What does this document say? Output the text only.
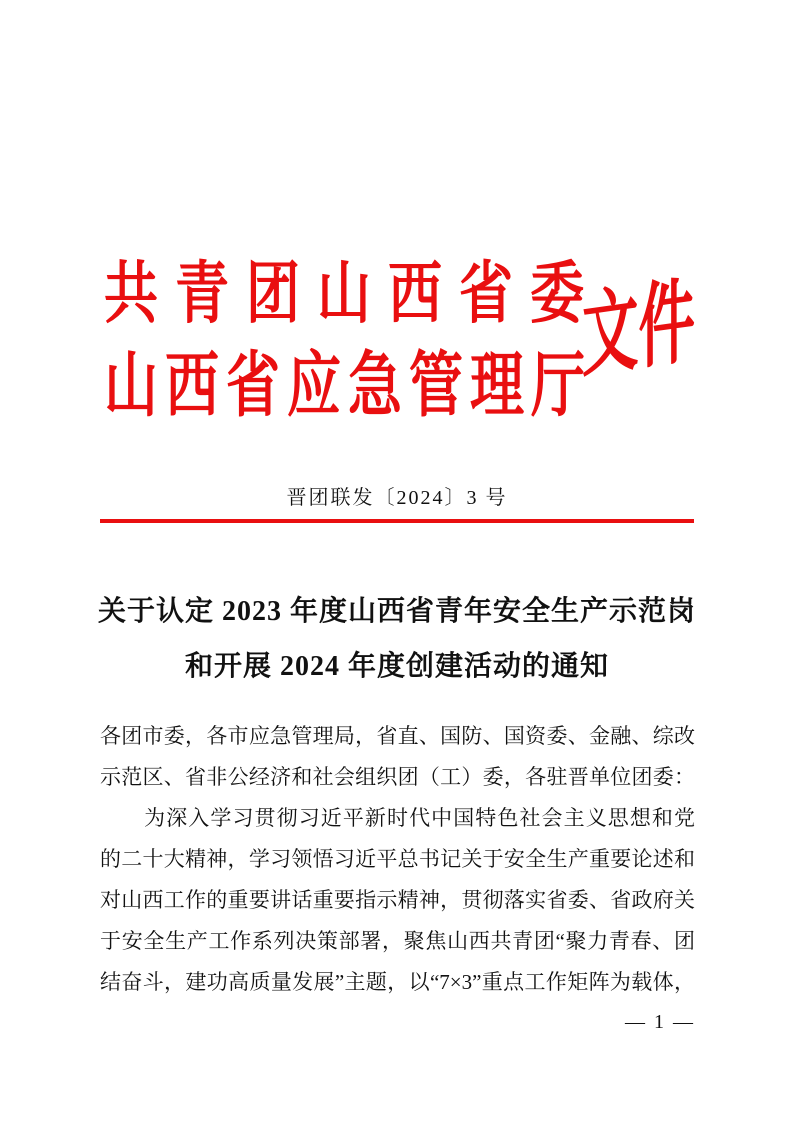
共青团山西省委
山西省应急管理厅
文件
晋团联发〔2024〕3 号
关于认定 2023 年度山西省青年安全生产示范岗
和开展 2024 年度创建活动的通知
各团市委，各市应急管理局，省直、国防、国资委、金融、综改
示范区、省非公经济和社会组织团（工）委，各驻晋单位团委：
　　为深入学习贯彻习近平新时代中国特色社会主义思想和党
的二十大精神，学习领悟习近平总书记关于安全生产重要论述和
对山西工作的重要讲话重要指示精神，贯彻落实省委、省政府关
于安全生产工作系列决策部署，聚焦山西共青团“聚力青春、团
结奋斗，建功高质量发展”主题，以“7×3”重点工作矩阵为载体，
— 1 —
